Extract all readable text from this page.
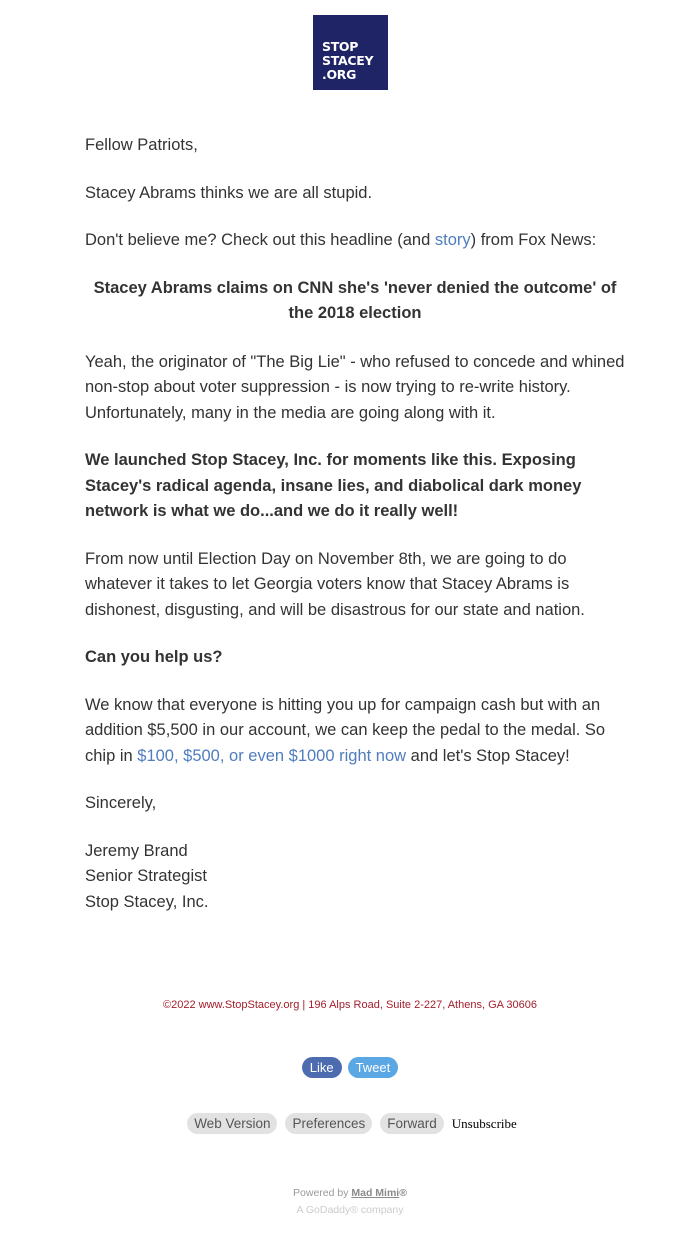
STOP
STACEY
.ORG

Fellow Patriots,

Stacey Abrams thinks we are all stupid.

Don't believe me? Check out this headline (and story) from Fox News:

Stacey Abrams claims on CNN she's 'never denied the outcome' of the 2018 election

Yeah, the originator of "The Big Lie" - who refused to concede and whined non-stop about voter suppression - is now trying to re-write history. Unfortunately, many in the media are going along with it.

We launched Stop Stacey, Inc. for moments like this. Exposing Stacey's radical agenda, insane lies, and diabolical dark money network is what we do...and we do it really well!

From now until Election Day on November 8th, we are going to do whatever it takes to let Georgia voters know that Stacey Abrams is dishonest, disgusting, and will be disastrous for our state and nation.

Can you help us?

We know that everyone is hitting you up for campaign cash but with an addition $5,500 in our account, we can keep the pedal to the medal. So chip in $100, $500, or even $1000 right now and let's Stop Stacey!

Sincerely,

Jeremy Brand
Senior Strategist
Stop Stacey, Inc.

©2022 www.StopStacey.org | 196 Alps Road, Suite 2-227, Athens, GA 30606
Like Tweet
Web Version Preferences Forward Unsubscribe
Powered by Mad Mimi®
A GoDaddy® company
